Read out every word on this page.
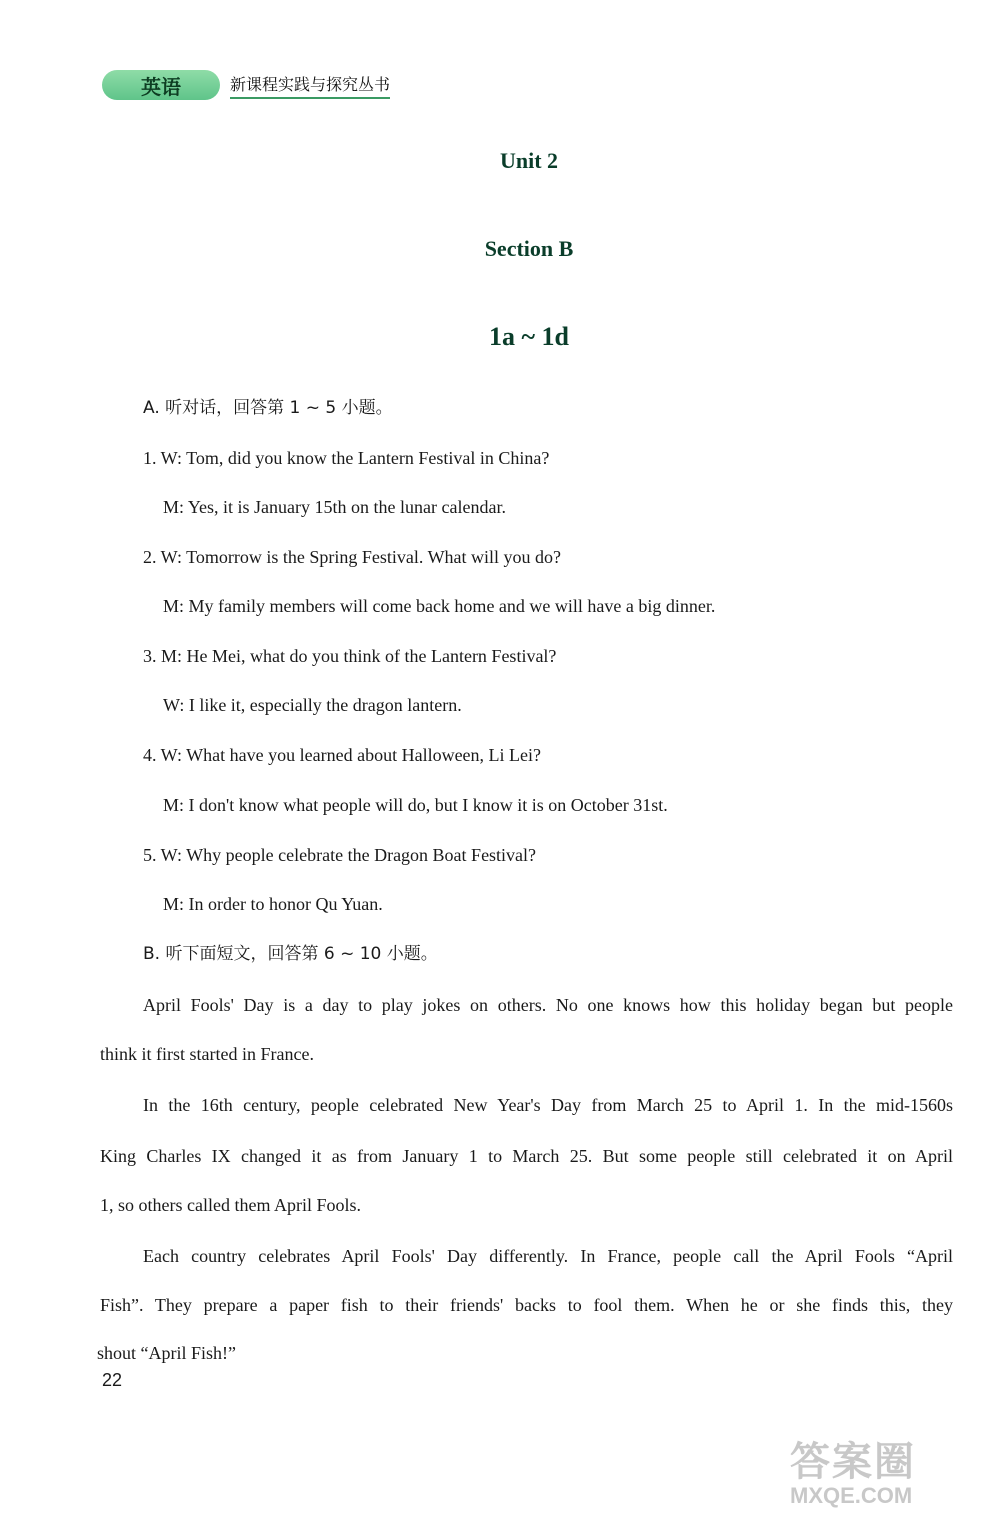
英语	新课程实践与探究丛书
Unit 2
Section B
1a ~ 1d
A. 听对话，回答第 1 ~ 5 小题。
1. W: Tom, did you know the Lantern Festival in China?
M: Yes, it is January 15th on the lunar calendar.
2. W: Tomorrow is the Spring Festival. What will you do?
M: My family members will come back home and we will have a big dinner.
3. M: He Mei, what do you think of the Lantern Festival?
W: I like it, especially the dragon lantern.
4. W: What have you learned about Halloween, Li Lei?
M: I don't know what people will do, but I know it is on October 31st.
5. W: Why people celebrate the Dragon Boat Festival?
M: In order to honor Qu Yuan.
B. 听下面短文，回答第 6 ~ 10 小题。
April Fools' Day is a day to play jokes on others. No one knows how this holiday began but people
think it first started in France.
In the 16th century, people celebrated New Year's Day from March 25 to April 1. In the mid-1560s
King Charles IX changed it as from January 1 to March 25. But some people still celebrated it on April
1, so others called them April Fools.
Each country celebrates April Fools' Day differently. In France, people call the April Fools “April
Fish”. They prepare a paper fish to their friends' backs to fool them. When he or she finds this, they
shout “April Fish!”
22
答案圈
MXQE.COM
